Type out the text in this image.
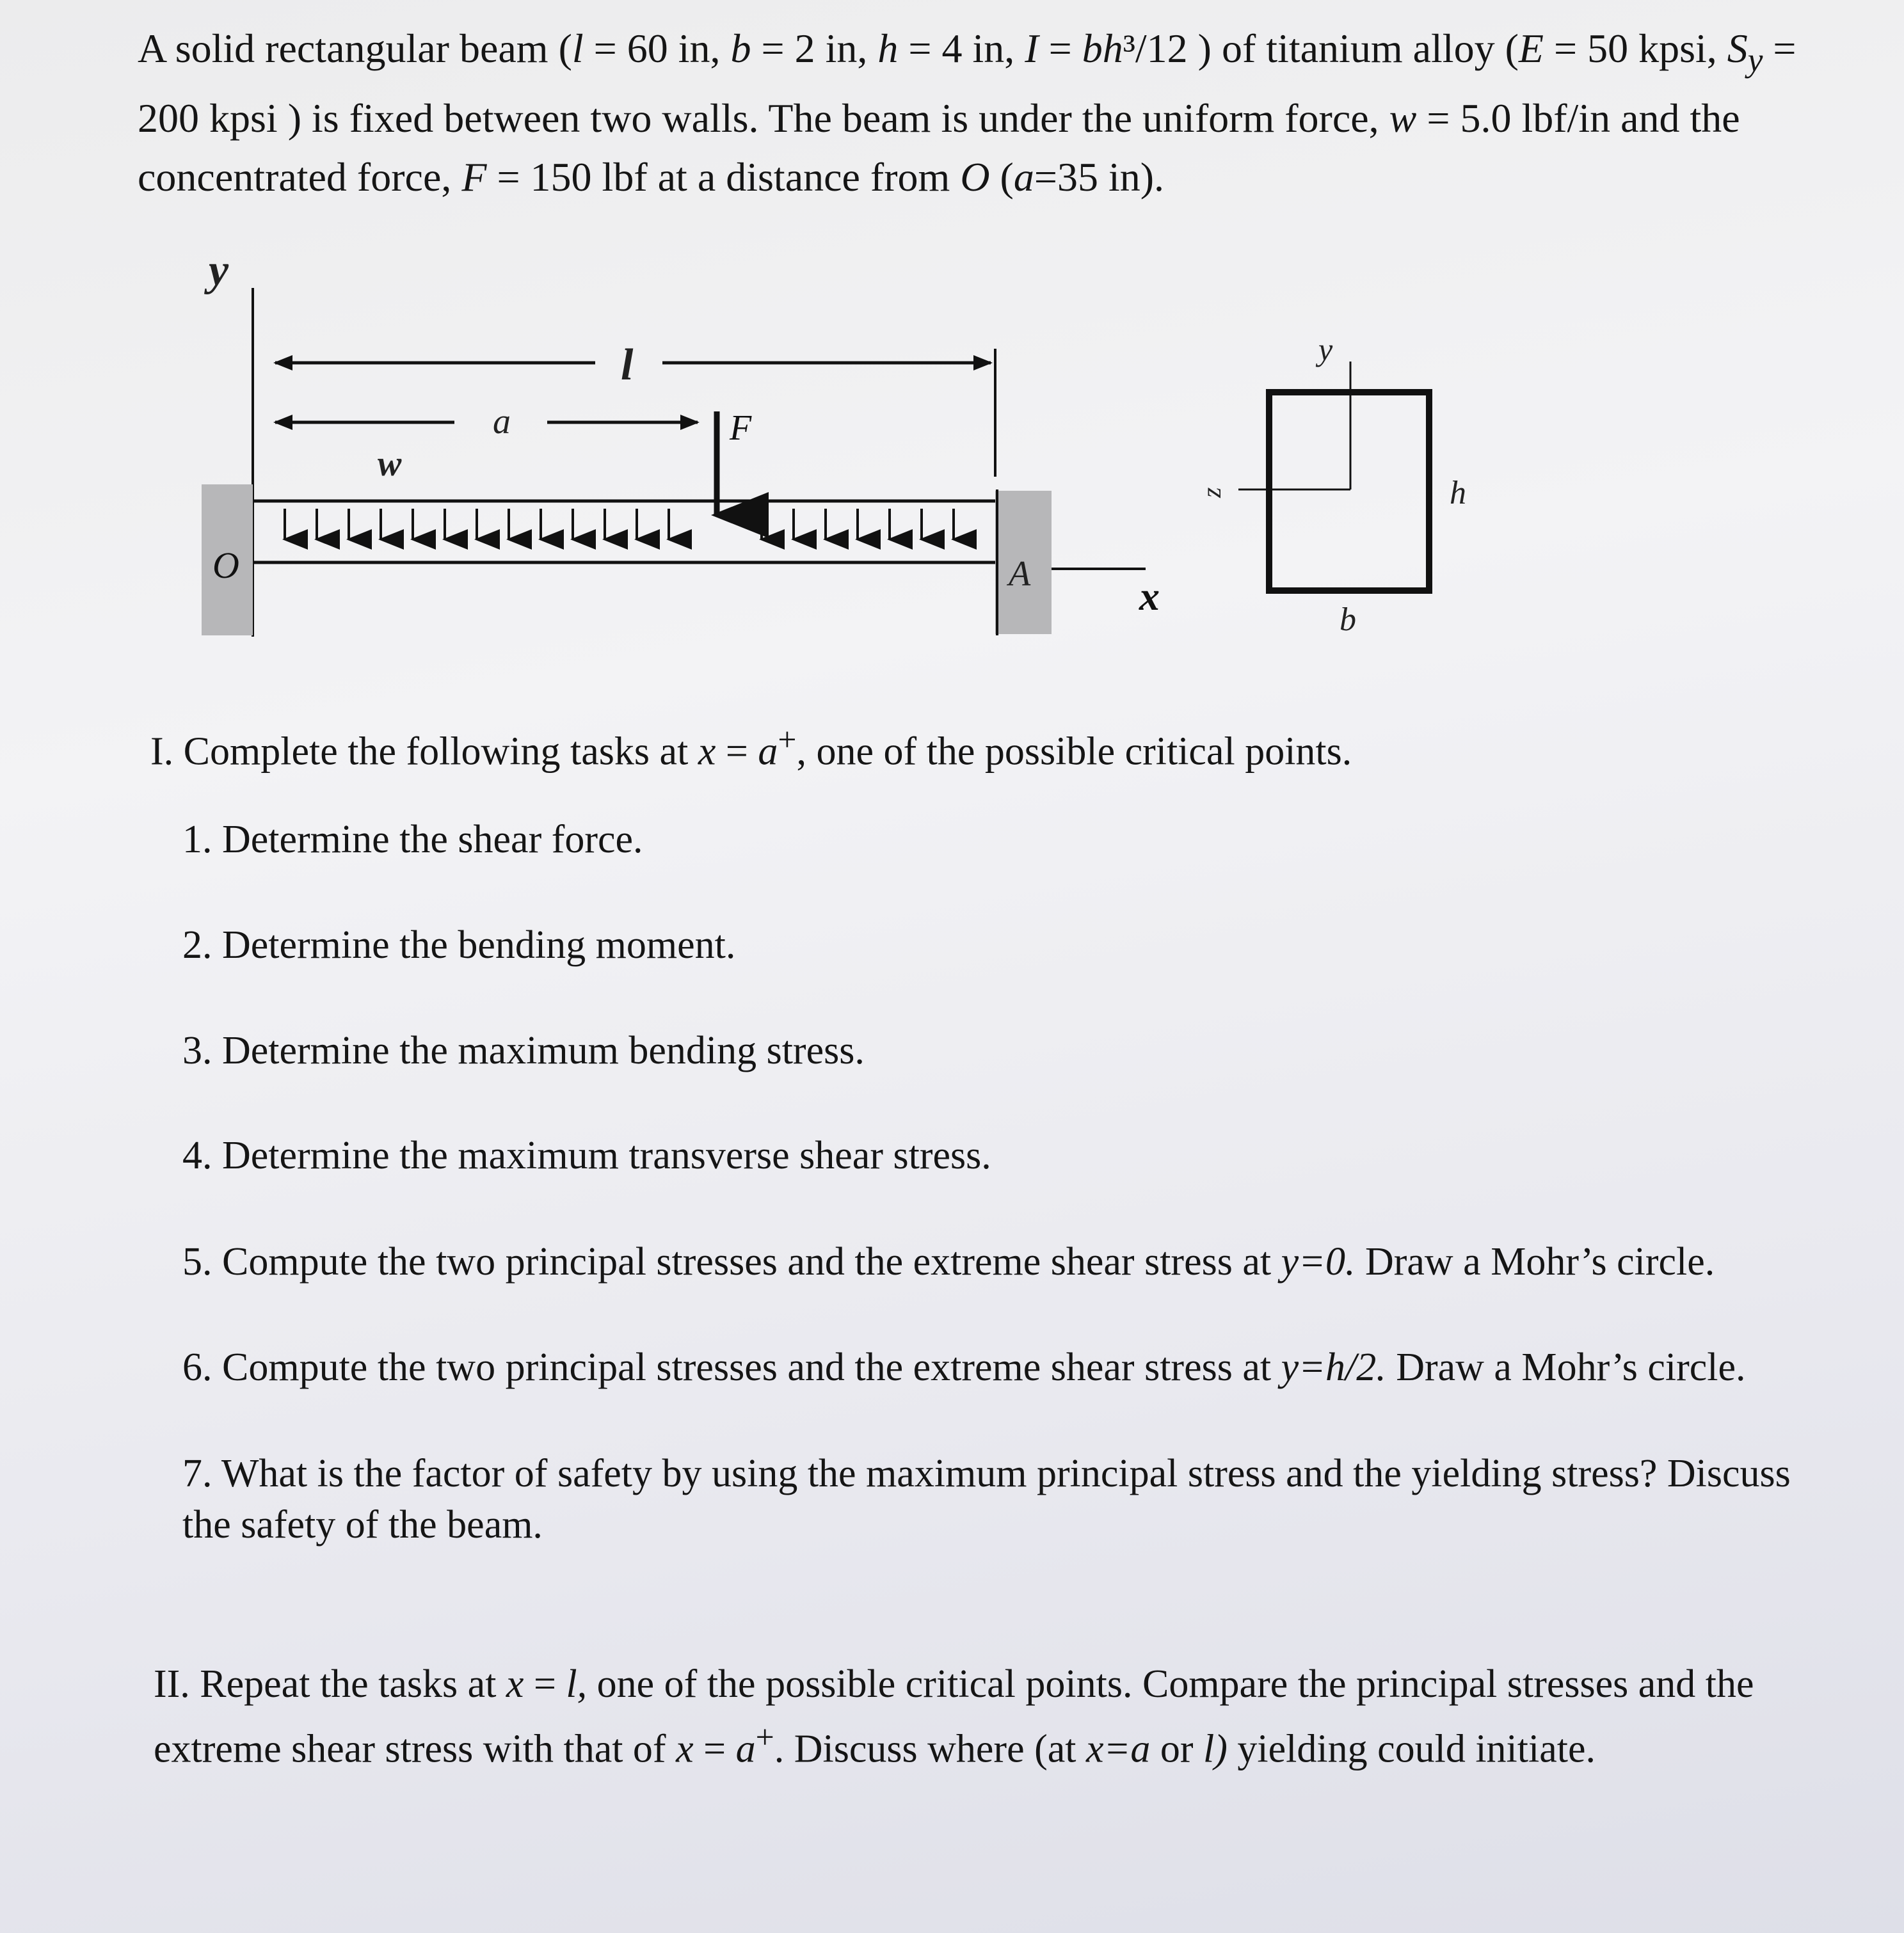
A solid rectangular beam (l = 60 in, b = 2 in, h = 4 in, I = bh³/12 ) of titanium alloy (E = 50 kpsi, $S_y = 200$ kpsi ) is fixed between two walls. The beam is under the uniform force, w = 5.0 lbf/in and the concentrated force, F = 150 lbf at a distance from O (a=35 in).

y
O	A	x
l
a	F
w
y
z	h
b
I. Complete the following tasks at x = a+, one of the possible critical points.
1. Determine the shear force.
2. Determine the bending moment.
3. Determine the maximum bending stress.
4. Determine the maximum transverse shear stress.
5. Compute the two principal stresses and the extreme shear stress at y=0. Draw a Mohr’s circle.
6. Compute the two principal stresses and the extreme shear stress at y=h/2. Draw a Mohr’s circle.
7. What is the factor of safety by using the maximum principal stress and the yielding stress? Discuss the safety of the beam.
II. Repeat the tasks at x = l, one of the possible critical points. Compare the principal stresses and the extreme shear stress with that of x = a+. Discuss where (at x=a or l) yielding could initiate.
